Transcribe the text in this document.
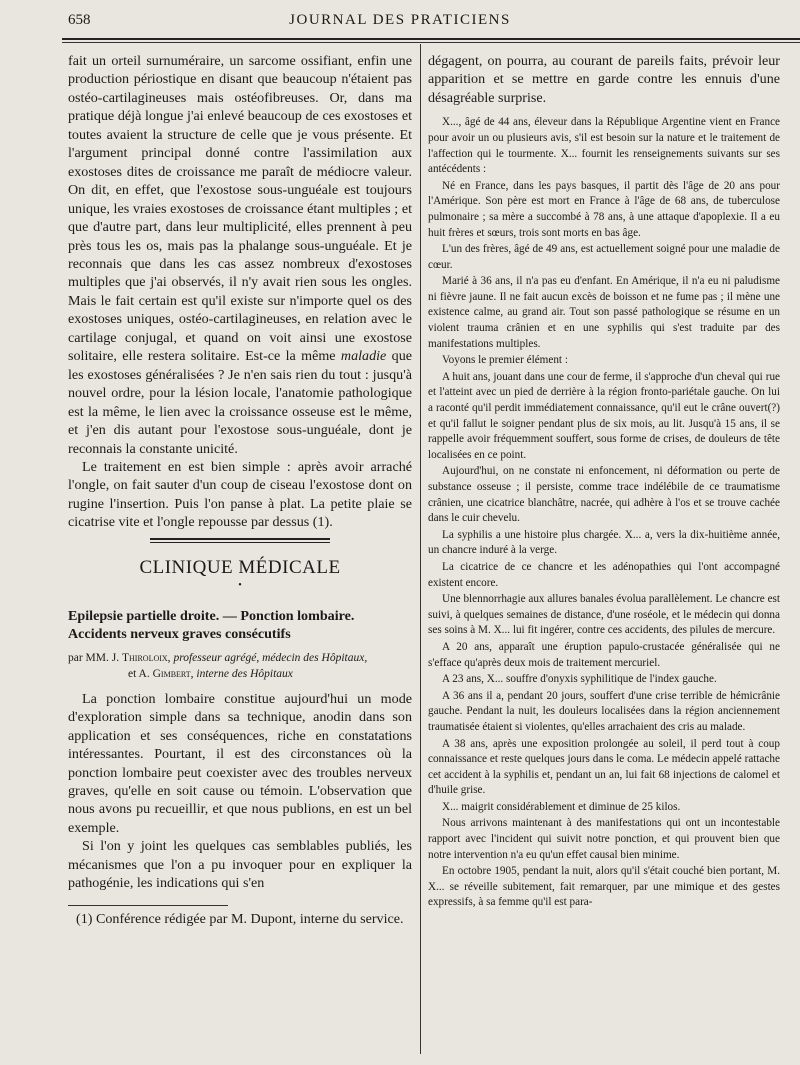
658	JOURNAL DES PRATICIENS

fait un orteil surnuméraire, un sarcome ossifiant, enfin une production périostique en disant que beaucoup n'étaient pas ostéo-cartilagineuses mais ostéofibreuses. Or, dans ma pratique déjà longue j'ai enlevé beaucoup de ces exostoses et toutes avaient la structure de celle que je vous présente. Et l'argument principal donné contre l'assimilation aux exostoses dites de croissance me paraît de médiocre valeur. On dit, en effet, que l'exostose sous-unguéale est toujours unique, les vraies exostoses de croissance étant multiples ; et que d'autre part, dans leur multiplicité, elles prennent à peu près tous les os, mais pas la phalange sous-unguéale. Et je reconnais que dans les cas assez nombreux d'exostoses multiples que j'ai observés, il n'y avait rien sous les ongles. Mais le fait certain est qu'il existe sur n'importe quel os des exostoses uniques, ostéo-cartilagineuses, en relation avec le cartilage conjugal, et quand on voit ainsi une exostose solitaire, elle restera solitaire. Est-ce la même maladie que les exostoses généralisées ? Je n'en sais rien du tout : jusqu'à nouvel ordre, pour la lésion locale, l'anatomie pathologique est la même, le lien avec la croissance osseuse est le même, et j'en dis autant pour l'exostose sous-unguéale, dont je reconnais la constante unicité.

Le traitement en est bien simple : après avoir arraché l'ongle, on fait sauter d'un coup de ciseau l'exostose dont on rugine l'insertion. Puis l'on panse à plat. La petite plaie se cicatrise vite et l'ongle repousse par dessus (1).

CLINIQUE MÉDICALE
•

Epilepsie partielle droite. — Ponction lombaire.

Accidents nerveux graves consécutifs

par MM. J. Thiroloix, professeur agrégé, médecin des Hôpitaux,
et A. Gimbert, interne des Hôpitaux

La ponction lombaire constitue aujourd'hui un mode d'exploration simple dans sa technique, anodin dans son application et ses conséquences, riche en constatations intéressantes. Pourtant, il est des circonstances où la ponction lombaire peut coexister avec des troubles nerveux graves, qu'elle en soit cause ou témoin. L'observation que nous avons pu recueillir, et que nous publions, en est un bel exemple.

Si l'on y joint les quelques cas semblables publiés, les mécanismes que l'on a pu invoquer pour en expliquer la pathogénie, les indications qui s'en

(1) Conférence rédigée par M. Dupont, interne du service.

dégagent, on pourra, au courant de pareils faits, prévoir leur apparition et se mettre en garde contre les ennuis d'une désagréable surprise.

X..., âgé de 44 ans, éleveur dans la République Argentine vient en France pour avoir un ou plusieurs avis, s'il est besoin sur la nature et le traitement de l'affection qui le tourmente. X... fournit les renseignements suivants sur ses antécédents :

Né en France, dans les pays basques, il partit dès l'âge de 20 ans pour l'Amérique. Son père est mort en France à l'âge de 68 ans, de tuberculose pulmonaire ; sa mère a succombé à 78 ans, à une attaque d'apoplexie. Il a eu huit frères et sœurs, trois sont morts en bas âge.

L'un des frères, âgé de 49 ans, est actuellement soigné pour une maladie de cœur.

Marié à 36 ans, il n'a pas eu d'enfant. En Amérique, il n'a eu ni paludisme ni fièvre jaune. Il ne fait aucun excès de boisson et ne fume pas ; il mène une existence calme, au grand air. Tout son passé pathologique se résume en un violent trauma crânien et en une syphilis qui s'est traduite par des manifestations multiples.

Voyons le premier élément :

A huit ans, jouant dans une cour de ferme, il s'approche d'un cheval qui rue et l'atteint avec un pied de derrière à la région fronto-pariétale gauche. On lui a raconté qu'il perdit immédiatement connaissance, qu'il eut le crâne ouvert(?) et qu'il fallut le soigner pendant plus de six mois, au lit. Jusqu'à 15 ans, il se rappelle avoir fréquemment souffert, sous forme de crises, de douleurs de tête localisées en ce point.

Aujourd'hui, on ne constate ni enfoncement, ni déformation ou perte de substance osseuse ; il persiste, comme trace indélébile de ce traumatisme crânien, une cicatrice blanchâtre, nacrée, qui adhère à l'os et se trouve cachée dans le cuir chevelu.

La syphilis a une histoire plus chargée. X... a, vers la dix-huitième année, un chancre induré à la verge.

La cicatrice de ce chancre et les adénopathies qui l'ont accompagné existent encore.

Une blennorrhagie aux allures banales évolua parallèlement. Le chancre est suivi, à quelques semaines de distance, d'une roséole, et le médecin qui donna ses soins à M. X... lui fit ingérer, contre ces accidents, des pilules de mercure.

A 20 ans, apparaît une éruption papulo-crustacée généralisée qui ne s'efface qu'après deux mois de traitement mercuriel.

A 23 ans, X... souffre d'onyxis syphilitique de l'index gauche.

A 36 ans il a, pendant 20 jours, souffert d'une crise terrible de hémicrânie gauche. Pendant la nuit, les douleurs localisées dans la région anciennement traumatisée étaient si violentes, qu'elles arrachaient des cris au malade.

A 38 ans, après une exposition prolongée au soleil, il perd tout à coup connaissance et reste quelques jours dans le coma. Le médecin appelé rattache cet accident à la syphilis et, pendant un an, lui fait 68 injections de calomel et d'huile grise.

X... maigrit considérablement et diminue de 25 kilos.

Nous arrivons maintenant à des manifestations qui ont un incontestable rapport avec l'incident qui suivit notre ponction, et qui prouvent bien que notre intervention n'a eu qu'un effet causal bien minime.

En octobre 1905, pendant la nuit, alors qu'il s'était couché bien portant, M. X... se réveille subitement, fait remarquer, par une mimique et des gestes expressifs, à sa femme qu'il est para-
